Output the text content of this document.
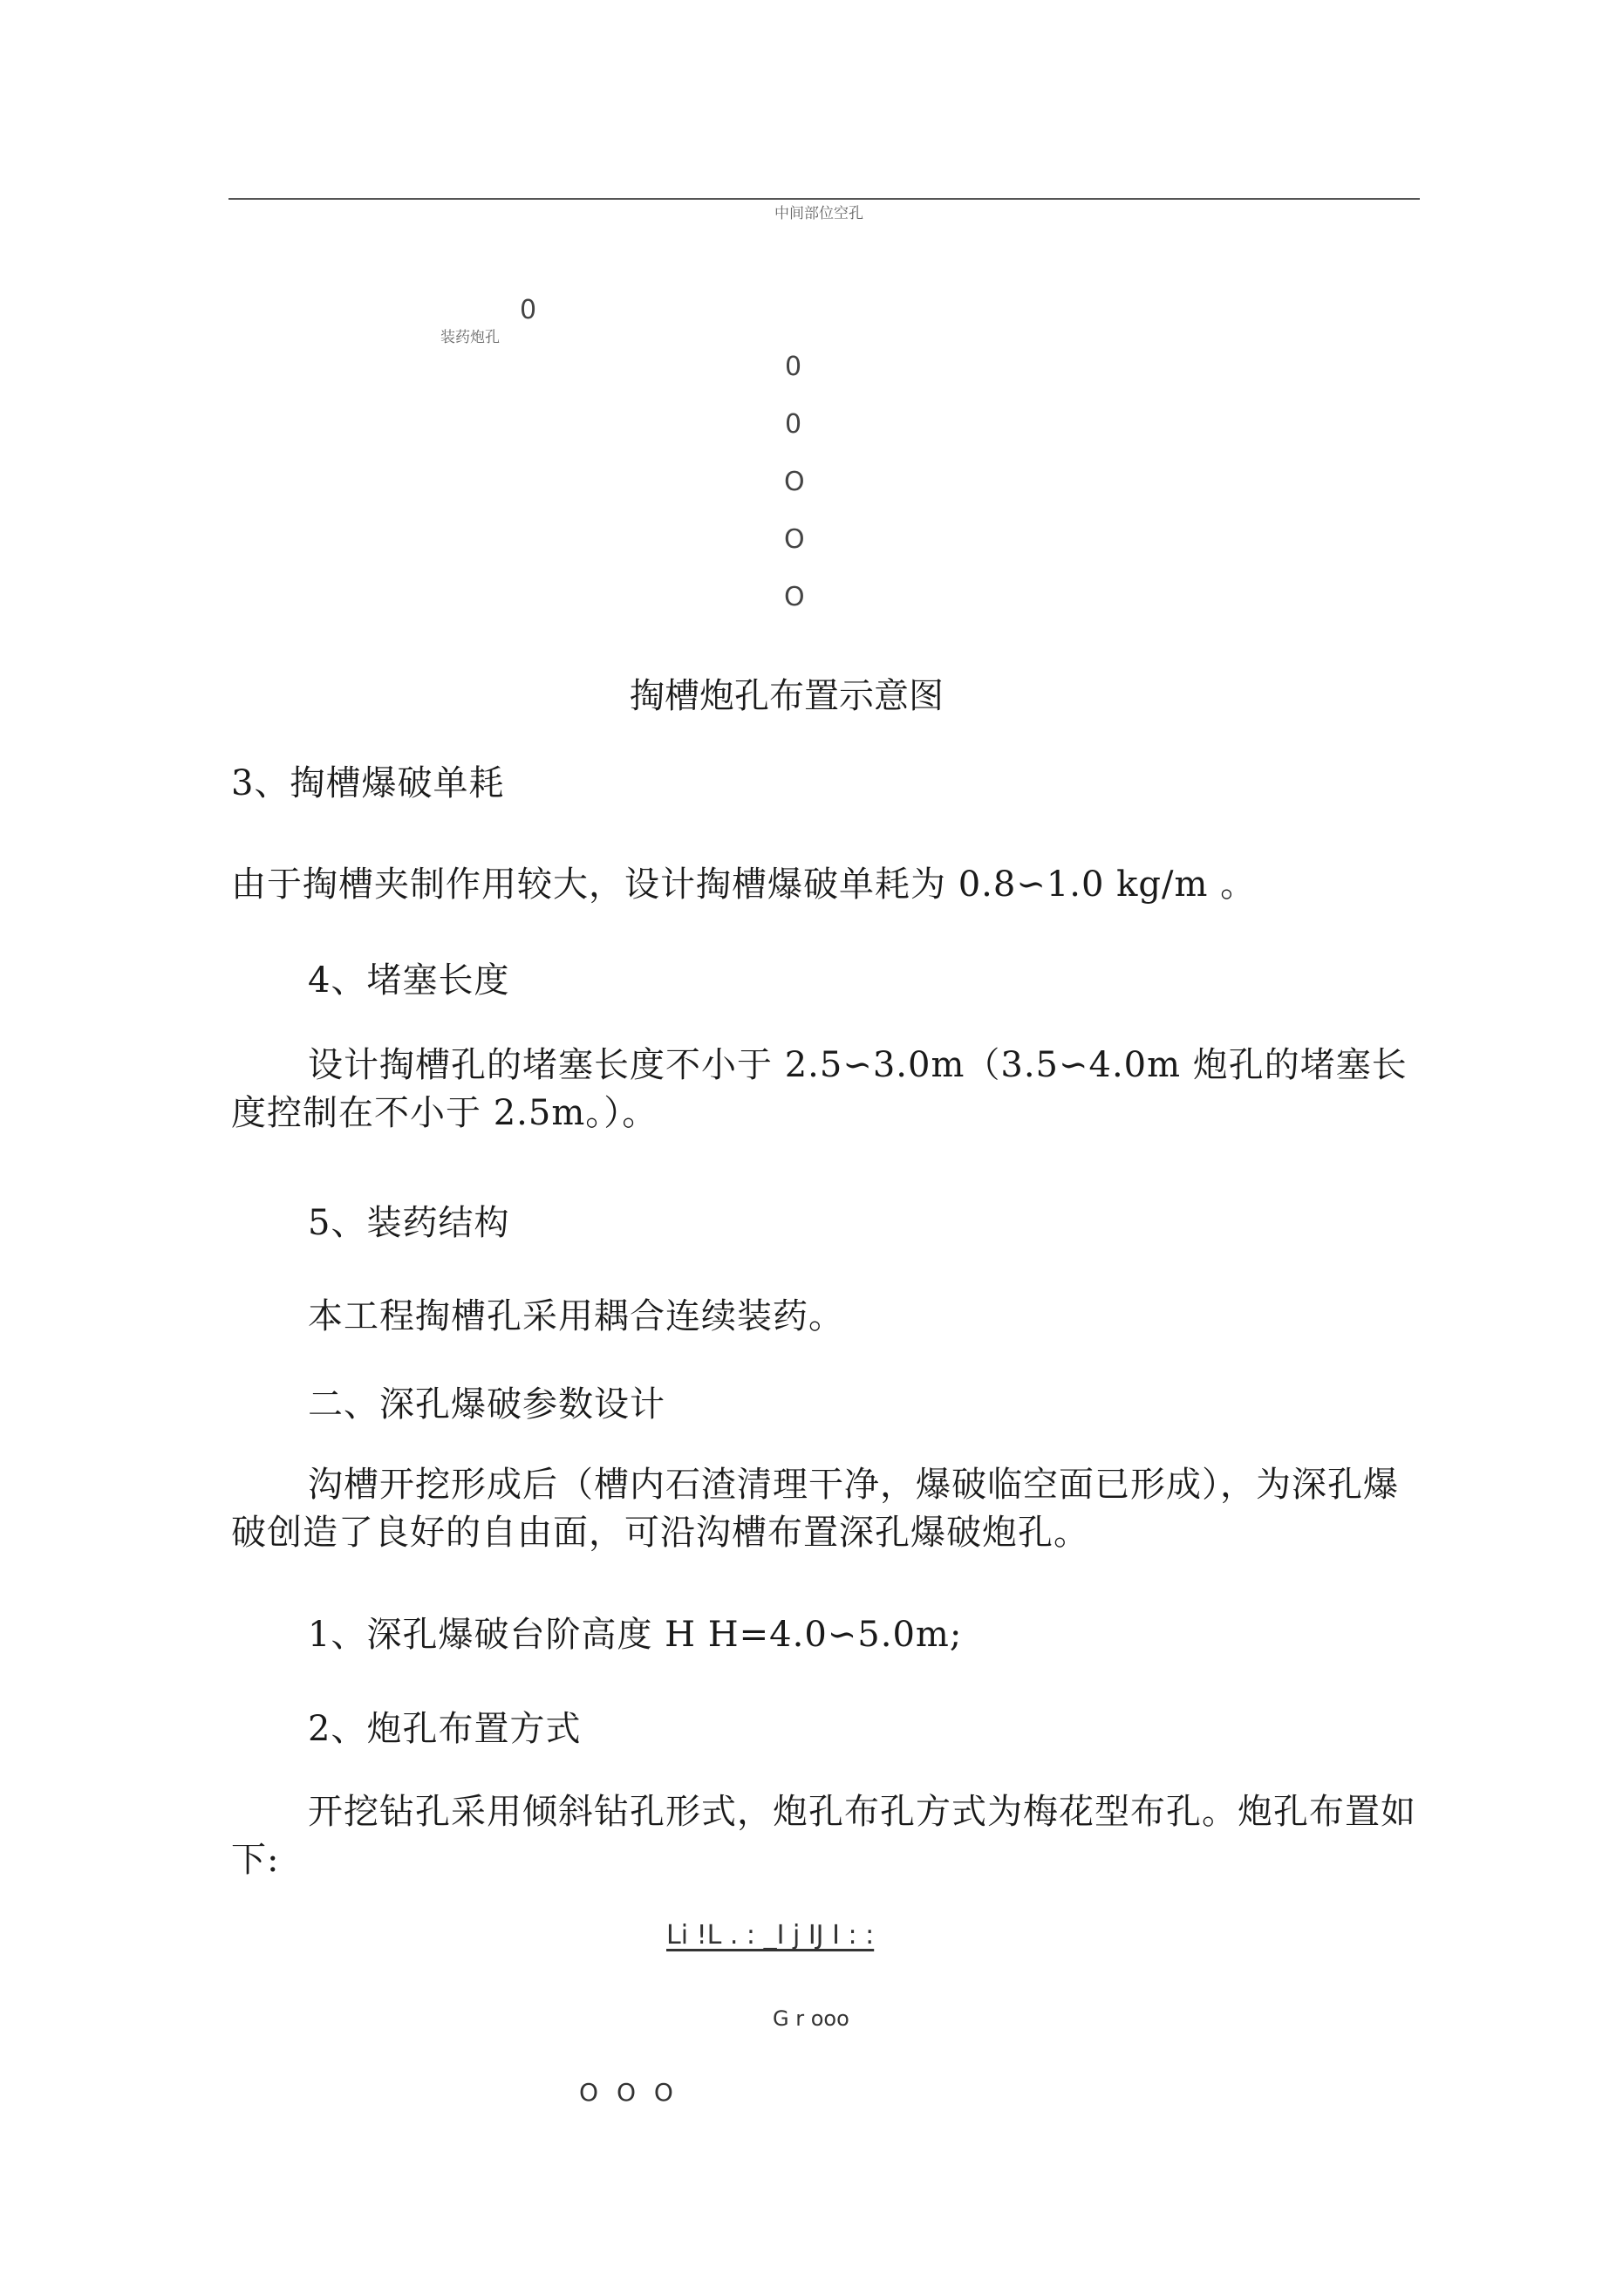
中间部位空孔
装药炮孔
0
0
0
O
O
O
掏槽炮孔布置示意图
3、掏槽爆破单耗
由于掏槽夹制作用较大，设计掏槽爆破单耗为 0.8∽1.0 kg/m 。
4、堵塞长度
设计掏槽孔的堵塞长度不小于 2.5∽3.0m（3.5∽4.0m 炮孔的堵塞长度控制在不小于 2.5m。）。
5、装药结构
本工程掏槽孔采用耦合连续装药。
二、深孔爆破参数设计
沟槽开挖形成后（槽内石渣清理干净，爆破临空面已形成），为深孔爆破创造了良好的自由面，可沿沟槽布置深孔爆破炮孔。
1、深孔爆破台阶高度 H H=4.0∽5.0m;
2、炮孔布置方式
开挖钻孔采用倾斜钻孔形式，炮孔布孔方式为梅花型布孔。炮孔布置如下:
Li !L . : _I j IJ I : :
G r ooo
O O O
